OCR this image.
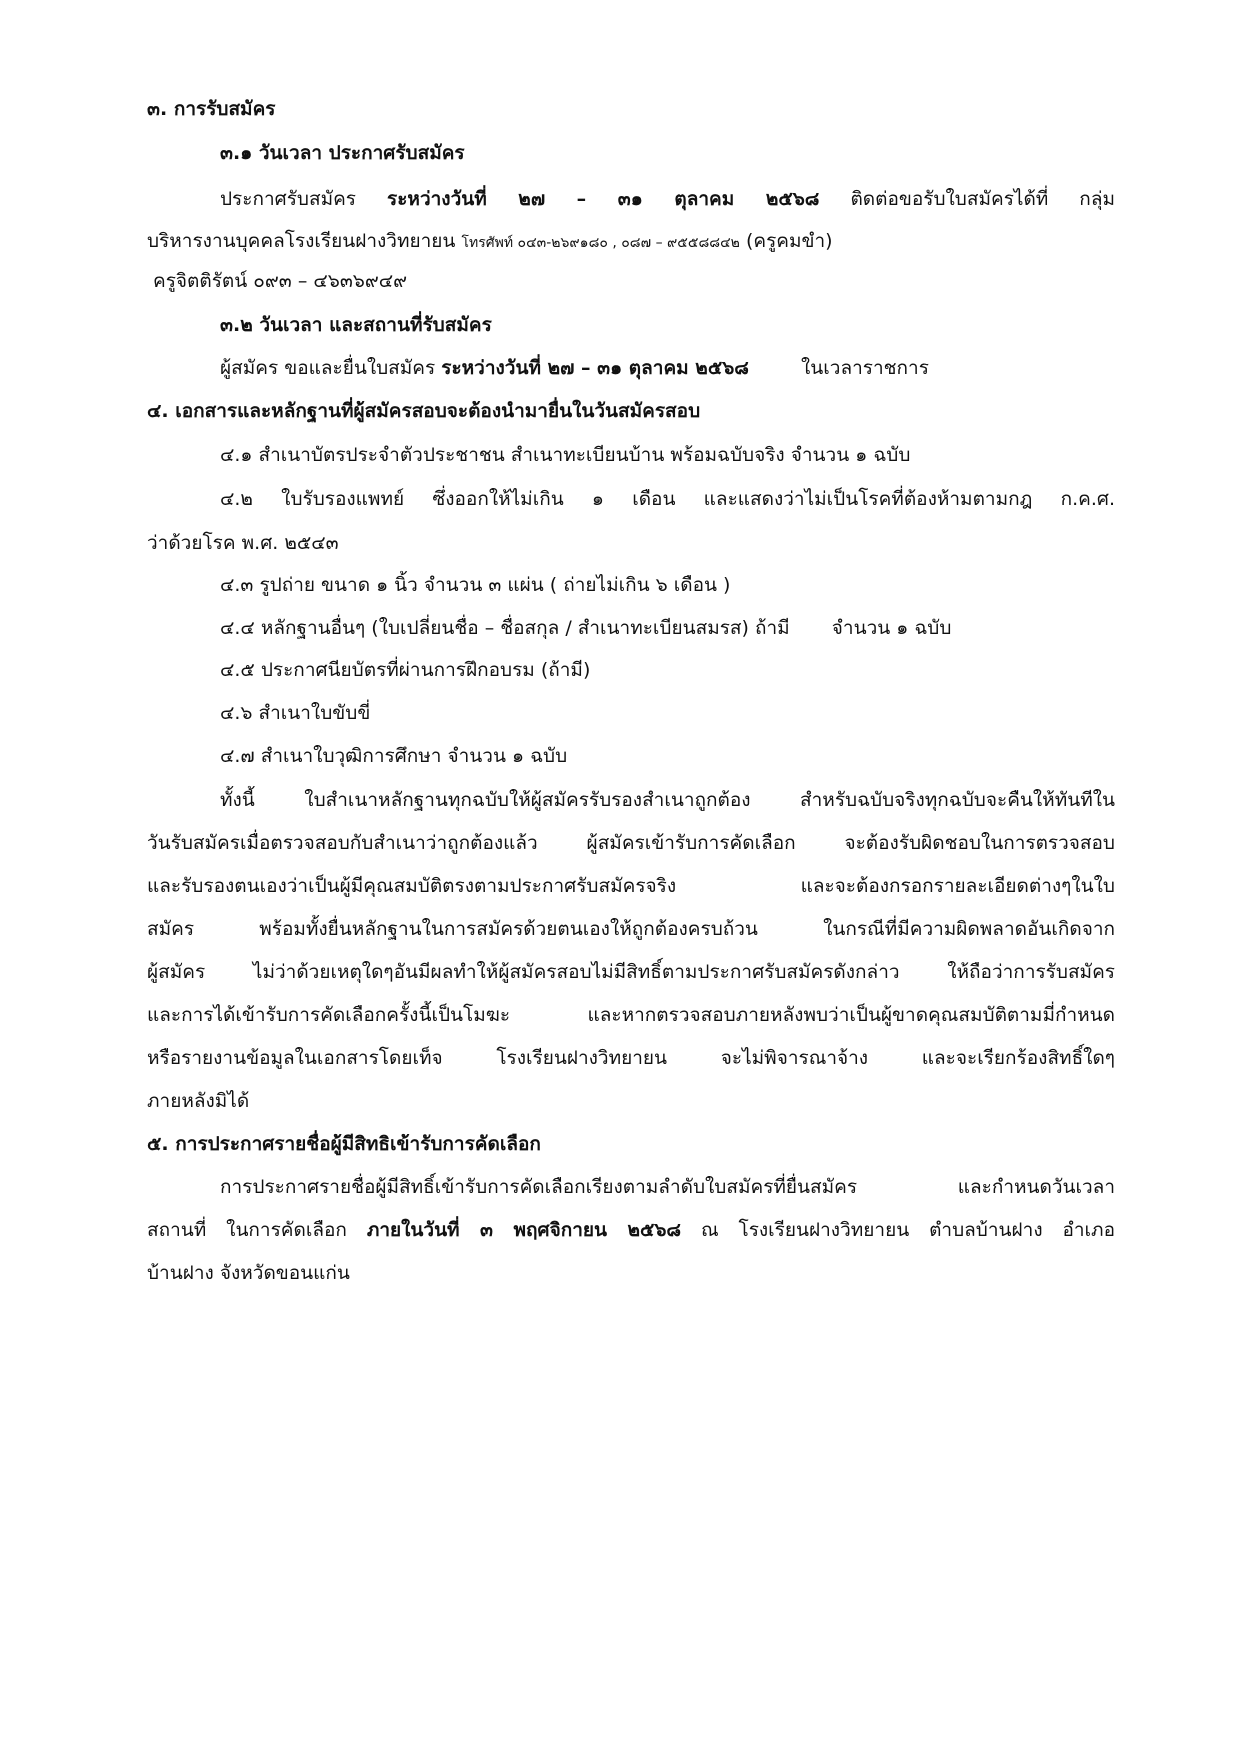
๓. การรับสมัคร
๓.๑ วันเวลา ประกาศรับสมัคร
ประกาศรับสมัคร ระหว่างวันที่ ๒๗ – ๓๑ ตุลาคม ๒๕๖๘ ติดต่อขอรับใบสมัครได้ที่ กลุ่ม
บริหารงานบุคคลโรงเรียนฝางวิทยายน โทรศัพท์ ๐๔๓-๒๖๙๑๘๐ , ๐๘๗ – ๙๕๕๘๘๔๒ (ครูคมขำ)
ครูจิตติรัตน์ ๐๙๓ – ๔๖๓๖๙๔๙
๓.๒ วันเวลา และสถานที่รับสมัคร
ผู้สมัคร ขอและยื่นใบสมัคร ระหว่างวันที่ ๒๗ – ๓๑ ตุลาคม ๒๕๖๘	ในเวลาราชการ
๔. เอกสารและหลักฐานที่ผู้สมัครสอบจะต้องนำมายื่นในวันสมัครสอบ
๔.๑ สำเนาบัตรประจำตัวประชาชน สำเนาทะเบียนบ้าน พร้อมฉบับจริง จำนวน ๑ ฉบับ
๔.๒ ใบรับรองแพทย์ ซึ่งออกให้ไม่เกิน ๑ เดือน และแสดงว่าไม่เป็นโรคที่ต้องห้ามตามกฎ ก.ค.ศ.
ว่าด้วยโรค พ.ศ. ๒๕๔๓
๔.๓ รูปถ่าย ขนาด ๑ นิ้ว จำนวน ๓ แผ่น ( ถ่ายไม่เกิน ๖ เดือน )
๔.๔ หลักฐานอื่นๆ (ใบเปลี่ยนชื่อ – ชื่อสกุล / สำเนาทะเบียนสมรส) ถ้ามี จำนวน ๑ ฉบับ
๔.๕ ประกาศนียบัตรที่ผ่านการฝึกอบรม (ถ้ามี)
๔.๖ สำเนาใบขับขี่
๔.๗ สำเนาใบวุฒิการศึกษา จำนวน ๑ ฉบับ
ทั้งนี้ ใบสำเนาหลักฐานทุกฉบับให้ผู้สมัครรับรองสำเนาถูกต้อง สำหรับฉบับจริงทุกฉบับจะคืนให้ทันทีใน
วันรับสมัครเมื่อตรวจสอบกับสำเนาว่าถูกต้องแล้ว ผู้สมัครเข้ารับการคัดเลือก จะต้องรับผิดชอบในการตรวจสอบ
และรับรองตนเองว่าเป็นผู้มีคุณสมบัติตรงตามประกาศรับสมัครจริง และจะต้องกรอกรายละเอียดต่างๆในใบ
สมัคร พร้อมทั้งยื่นหลักฐานในการสมัครด้วยตนเองให้ถูกต้องครบถ้วน ในกรณีที่มีความผิดพลาดอันเกิดจาก
ผู้สมัคร ไม่ว่าด้วยเหตุใดๆอันมีผลทำให้ผู้สมัครสอบไม่มีสิทธิ์ตามประกาศรับสมัครดังกล่าว ให้ถือว่าการรับสมัคร
และการได้เข้ารับการคัดเลือกครั้งนี้เป็นโมฆะ และหากตรวจสอบภายหลังพบว่าเป็นผู้ขาดคุณสมบัติตามมี่กำหนด
หรือรายงานข้อมูลในเอกสารโดยเท็จ โรงเรียนฝางวิทยายน จะไม่พิจารณาจ้าง และจะเรียกร้องสิทธิ์ใดๆ
ภายหลังมิได้
๕. การประกาศรายชื่อผู้มีสิทธิเข้ารับการคัดเลือก
การประกาศรายชื่อผู้มีสิทธิ์เข้ารับการคัดเลือกเรียงตามลำดับใบสมัครที่ยื่นสมัคร และกำหนดวันเวลา
สถานที่ ในการคัดเลือก ภายในวันที่ ๓ พฤศจิกายน ๒๕๖๘ ณ โรงเรียนฝางวิทยายน ตำบลบ้านฝาง อำเภอ
บ้านฝาง จังหวัดขอนแก่น
